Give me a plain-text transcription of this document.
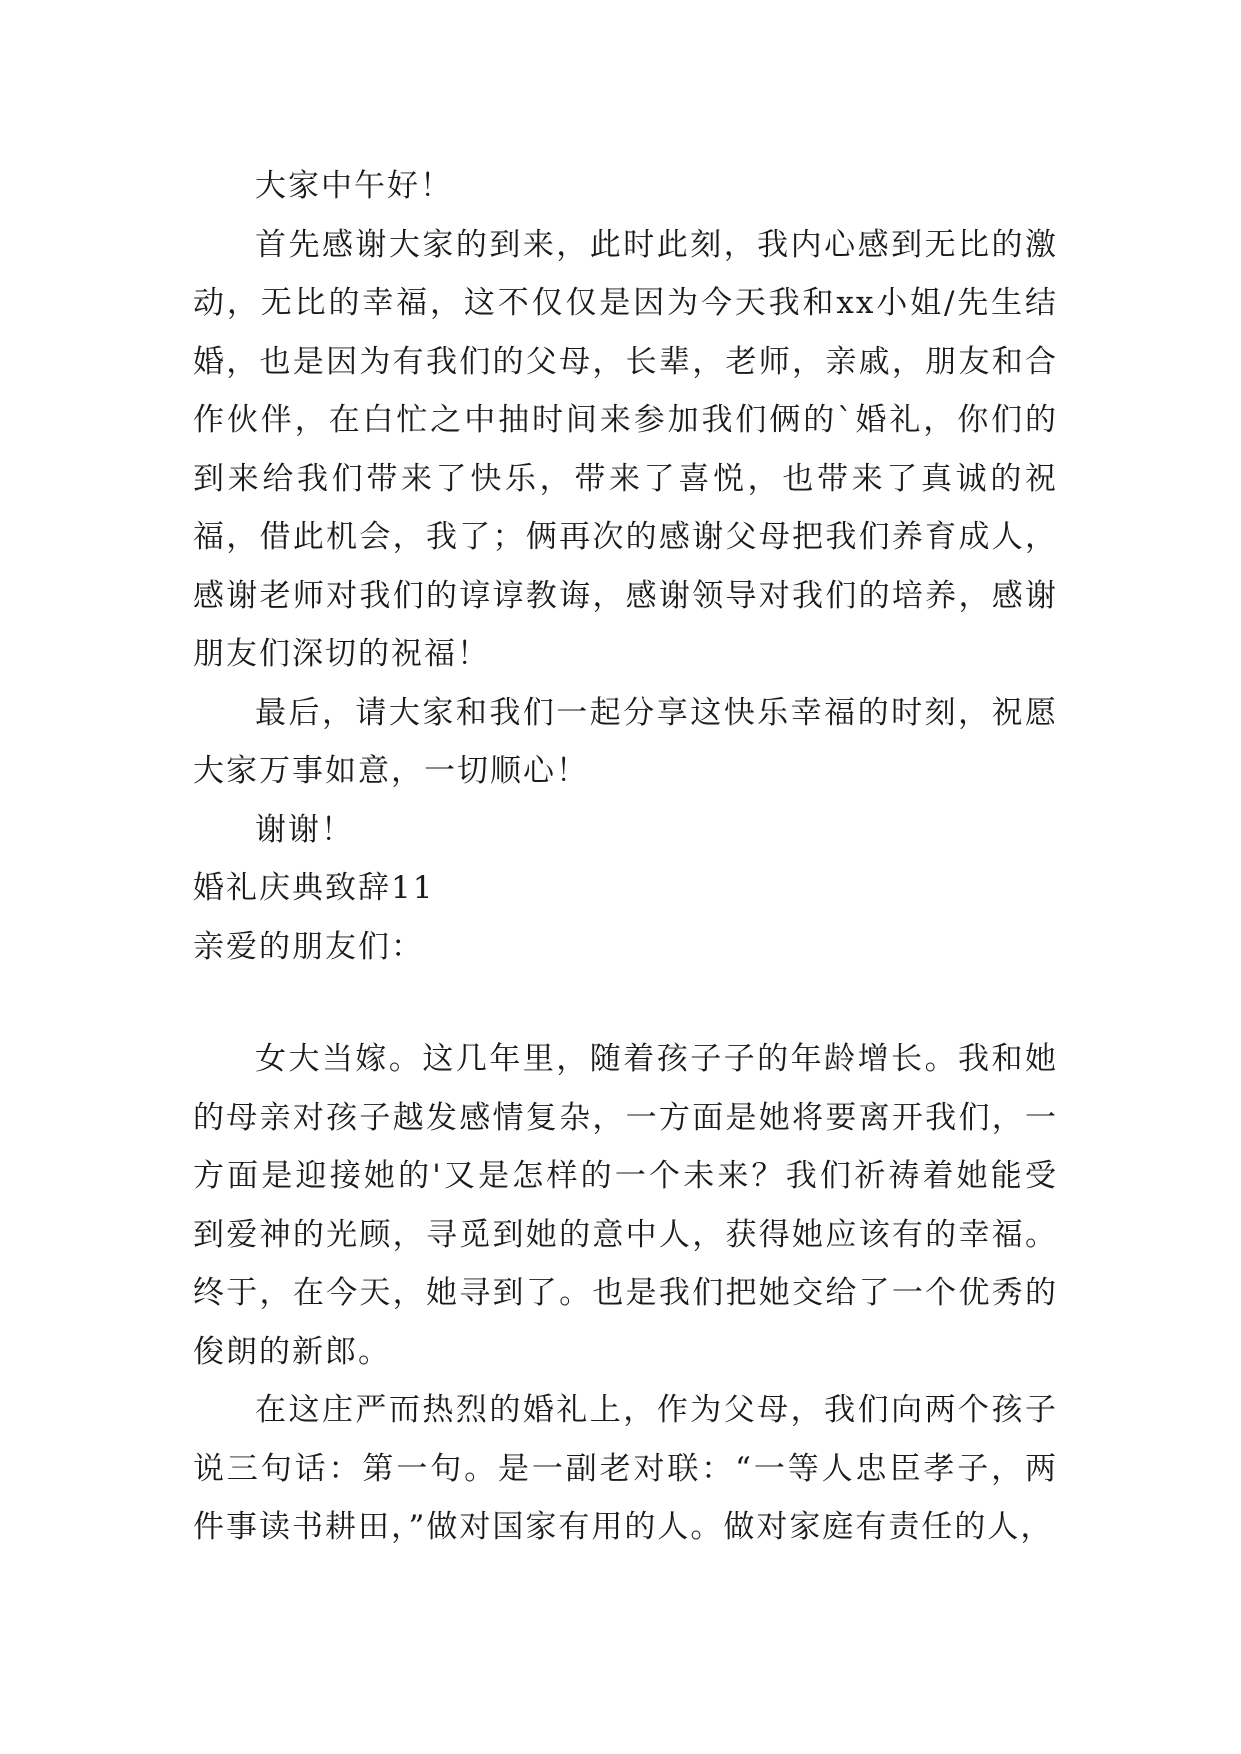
大家中午好！

首先感谢大家的到来，此时此刻，我内心感到无比的激动，无比的幸福，这不仅仅是因为今天我和xx小姐/先生结婚，也是因为有我们的父母，长辈，老师，亲戚，朋友和合作伙伴，在白忙之中抽时间来参加我们俩的`婚礼，你们的到来给我们带来了快乐，带来了喜悦，也带来了真诚的祝福，借此机会，我了；俩再次的感谢父母把我们养育成人，感谢老师对我们的谆谆教诲，感谢领导对我们的培养，感谢朋友们深切的祝福！

最后，请大家和我们一起分享这快乐幸福的时刻，祝愿大家万事如意，一切顺心！

谢谢！

婚礼庆典致辞11

亲爱的朋友们：

女大当嫁。这几年里，随着孩子子的年龄增长。我和她的母亲对孩子越发感情复杂，一方面是她将要离开我们，一方面是迎接她的'又是怎样的一个未来？我们祈祷着她能受到爱神的光顾，寻觅到她的意中人，获得她应该有的幸福。终于，在今天，她寻到了。也是我们把她交给了一个优秀的俊朗的新郎。

在这庄严而热烈的婚礼上，作为父母，我们向两个孩子说三句话：第一句。是一副老对联：“一等人忠臣孝子，两件事读书耕田，”做对国家有用的人。做对家庭有责任的人，
